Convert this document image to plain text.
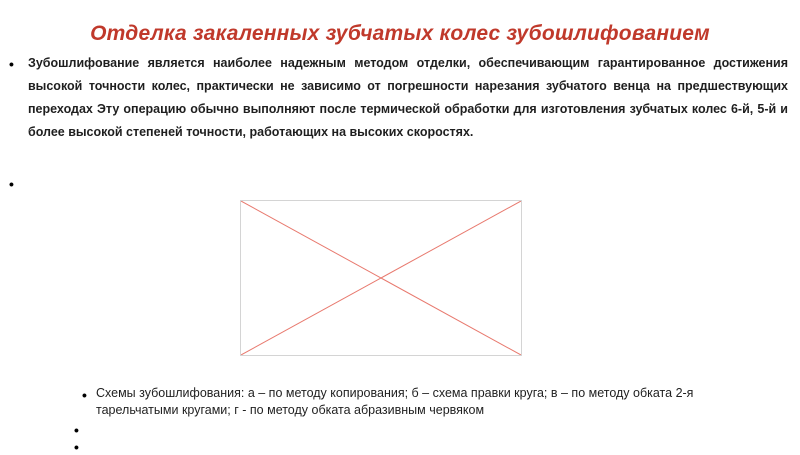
Отделка закаленных зубчатых колес зубошлифованием
• Зубошлифование является наиболее надежным методом отделки, обеспечивающим гарантированное достижения высокой точности колес, практически не зависимо от погрешности нарезания зубчатого венца на предшествующих переходах Эту операцию обычно выполняют после термической обработки для изготовления зубчатых колес 6-й, 5-й и более высокой степеней точности, работающих на высоких скоростях.
•
• Схемы зубошлифования: а – по методу копирования; б – схема правки круга; в – по методу обката 2-я тарельчатыми кругами; г - по методу обката абразивным червяком
•
•
